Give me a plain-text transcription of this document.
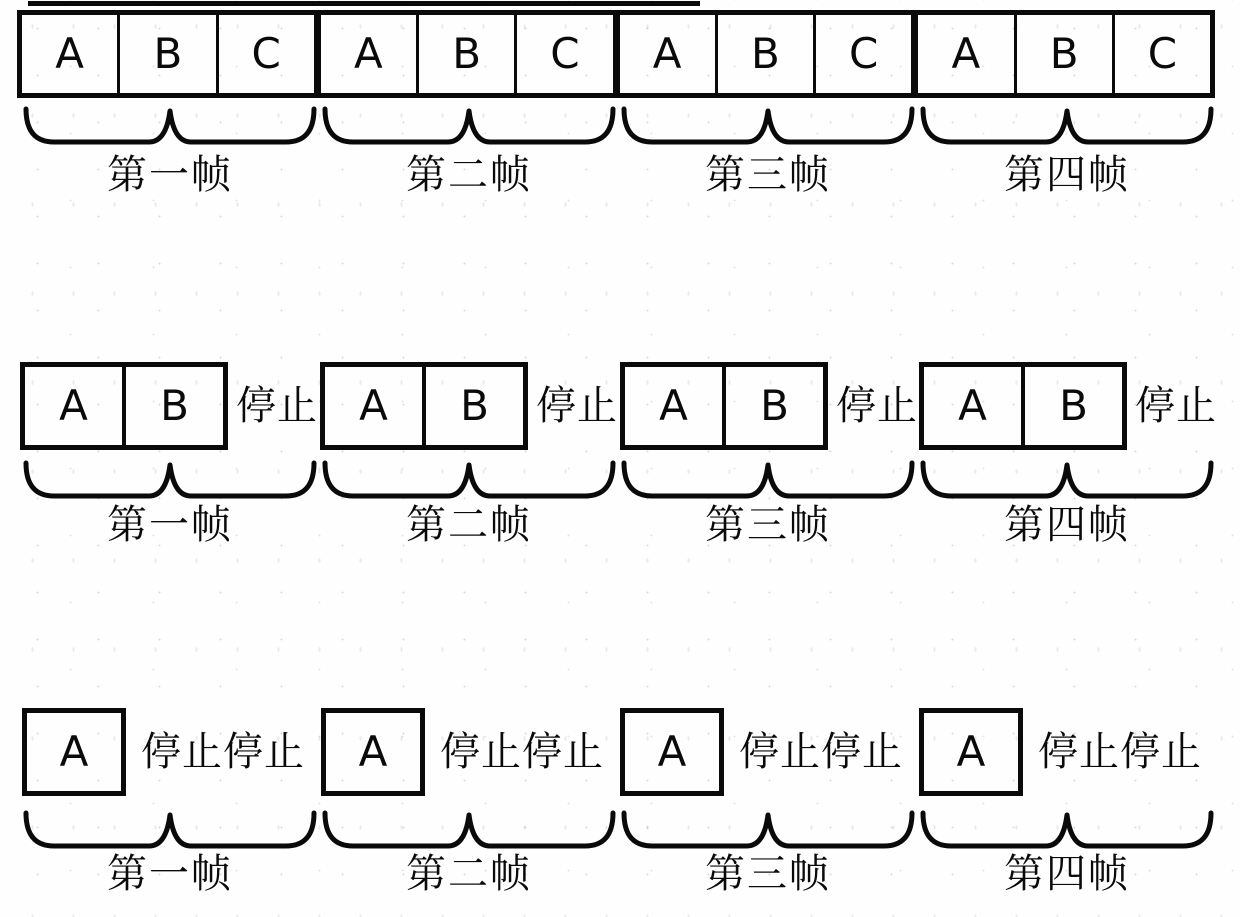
A	B	C	A	B	C	A	B	C	A	B	C
第一帧	第二帧	第三帧	第四帧
A	B	停止 A	B	停止 A	B	停止 A	B	停止
第一帧	第二帧	第三帧	第四帧
A	停止停止	A	停止停止	A	停止停止	A	停止停止
第一帧	第二帧	第三帧	第四帧
